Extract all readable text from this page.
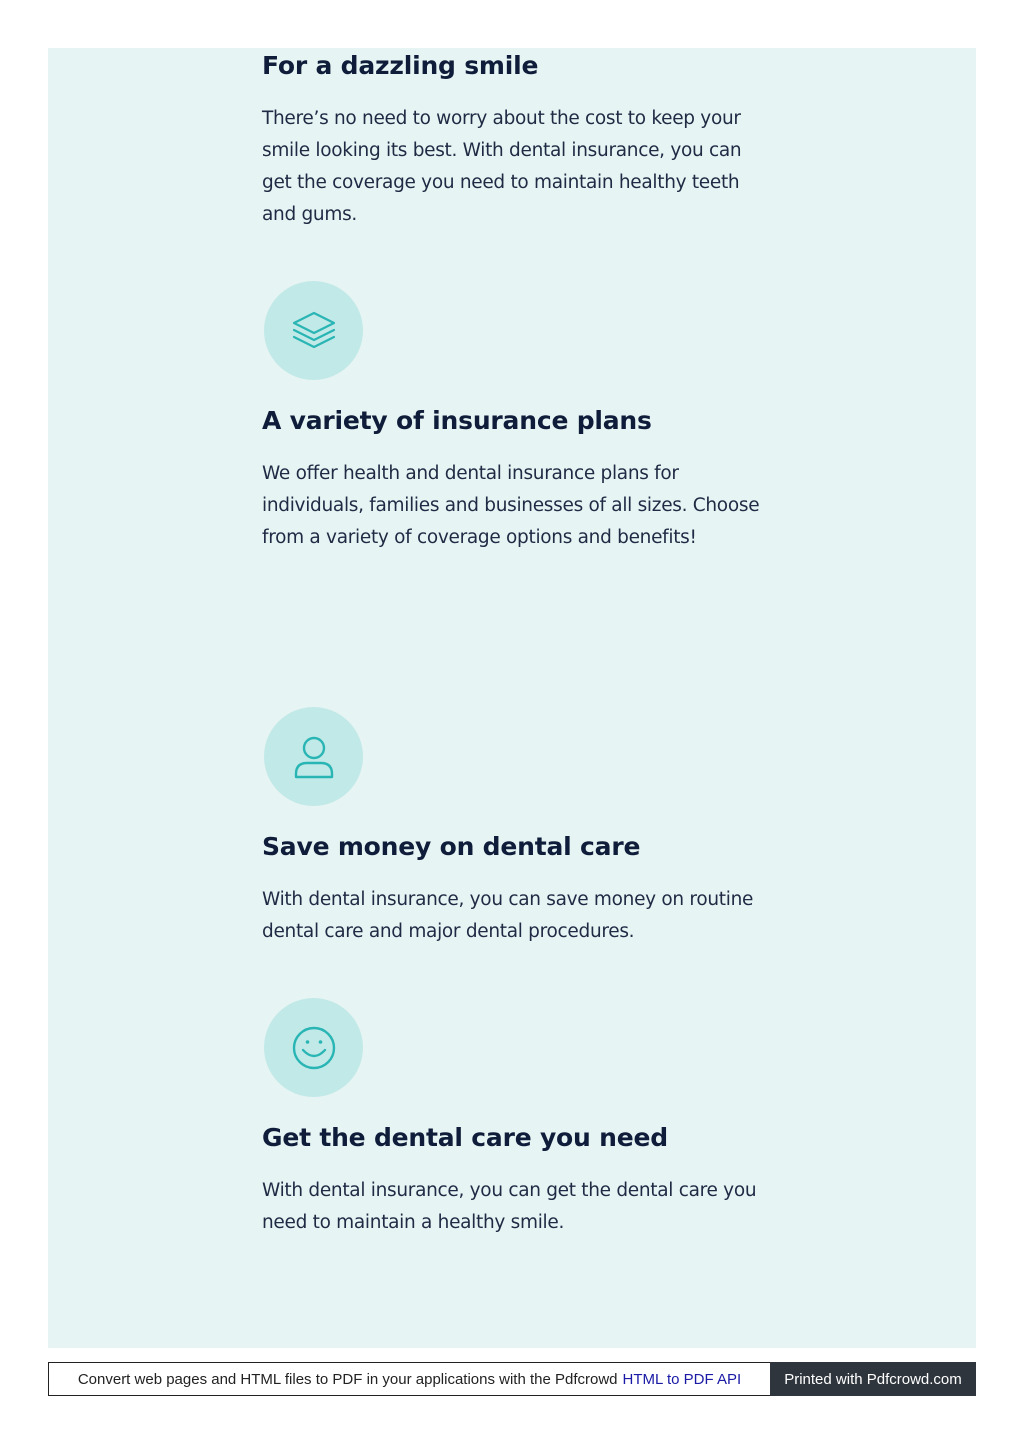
For a dazzling smile

There’s no need to worry about the cost to keep your smile looking its best. With dental insurance, you can get the coverage you need to maintain healthy teeth and gums.

A variety of insurance plans

We offer health and dental insurance plans for individuals, families and businesses of all sizes. Choose from a variety of coverage options and benefits!

Save money on dental care

With dental insurance, you can save money on routine dental care and major dental procedures.

Get the dental care you need

With dental insurance, you can get the dental care you need to maintain a healthy smile.

Convert web pages and HTML files to PDF in your applications with the Pdfcrowd HTML to PDF API	Printed with Pdfcrowd.com
